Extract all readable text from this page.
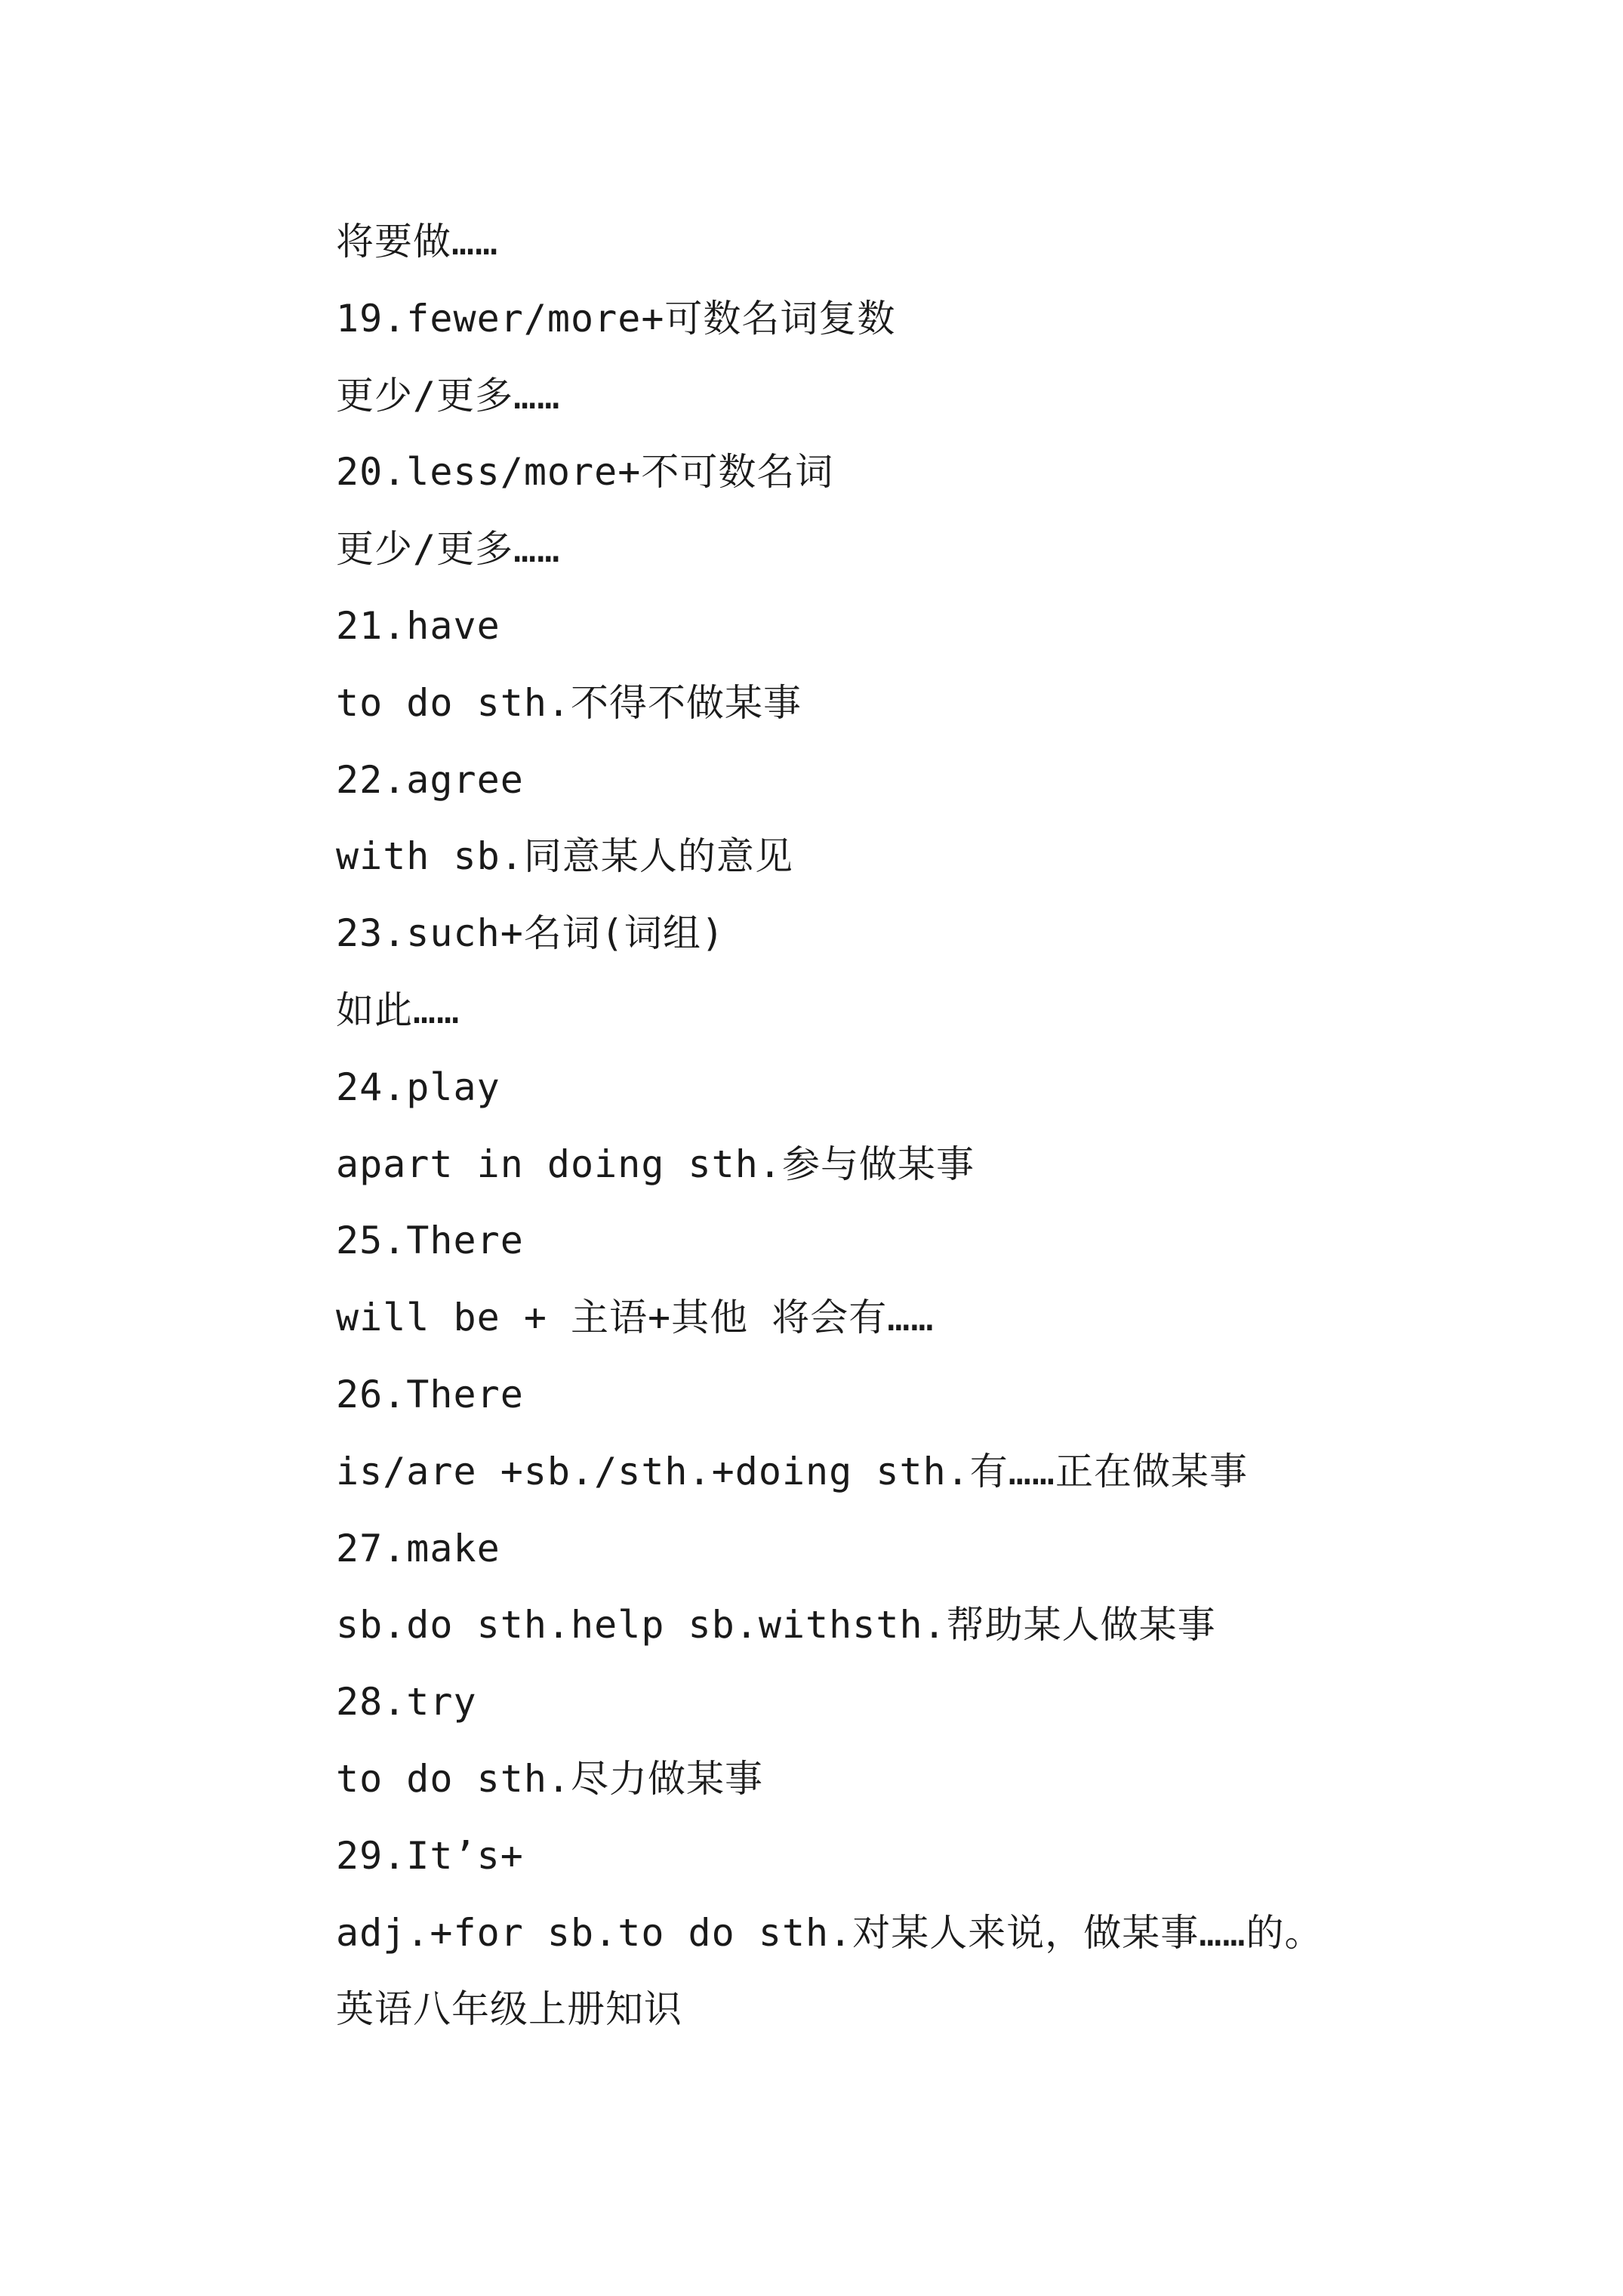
将要做……
19.fewer/more+可数名词复数
更少/更多……
20.less/more+不可数名词
更少/更多……
21.have
to do sth.不得不做某事
22.agree
with sb.同意某人的意见
23.such+名词(词组)
如此……
24.play
apart in doing sth.参与做某事
25.There
will be + 主语+其他 将会有……
26.There
is/are +sb./sth.+doing sth.有……正在做某事
27.make
sb.do sth.help sb.withsth.帮助某人做某事
28.try
to do sth.尽力做某事
29.It’s+
adj.+for sb.to do sth.对某人来说，做某事……的。
英语八年级上册知识
